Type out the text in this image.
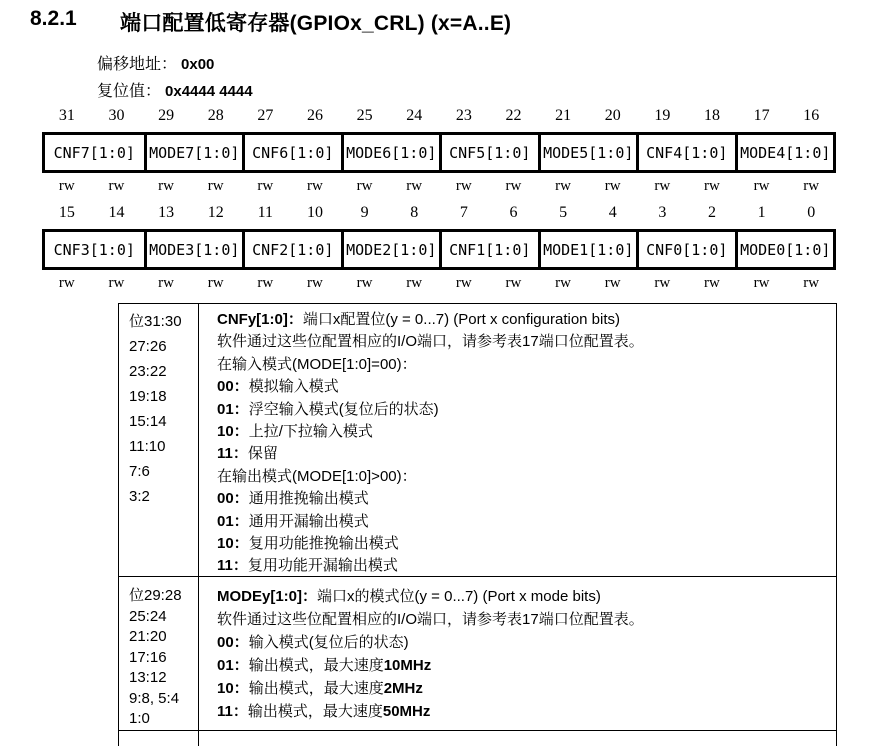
8.2.1 端口配置低寄存器(GPIOx_CRL) (x=A..E)
偏移地址： 0x00
复位值： 0x4444 4444
31	30	29	28	27	26	25	24	23	22	21	20	19	18	17	16
CNF7[1:0] MODE7[1:0] CNF6[1:0] MODE6[1:0] CNF5[1:0] MODE5[1:0] CNF4[1:0] MODE4[1:0]
rw	rw	rw	rw	rw	rw	rw	rw	rw	rw	rw	rw	rw	rw	rw	rw
15	14	13	12	11	10	9	8	7	6	5	4	3	2	1	0
CNF3[1:0] MODE3[1:0] CNF2[1:0] MODE2[1:0] CNF1[1:0] MODE1[1:0] CNF0[1:0] MODE0[1:0]
rw	rw	rw	rw	rw	rw	rw	rw	rw	rw	rw	rw	rw	rw	rw	rw
位31:30
27:26
23:22
19:18
15:14
11:10
7:6
3:2
CNFy[1:0]：端口x配置位(y = 0...7) (Port x configuration bits)
软件通过这些位配置相应的I/O端口，请参考表17端口位配置表。
在输入模式(MODE[1:0]=00)：
00：模拟输入模式
01：浮空输入模式(复位后的状态)
10：上拉/下拉输入模式
11：保留
在输出模式(MODE[1:0]>00)：
00：通用推挽输出模式
01：通用开漏输出模式
10：复用功能推挽输出模式
11：复用功能开漏输出模式
位29:28
25:24
21:20
17:16
13:12
9:8, 5:4
1:0
MODEy[1:0]：端口x的模式位(y = 0...7) (Port x mode bits)
软件通过这些位配置相应的I/O端口，请参考表17端口位配置表。
00：输入模式(复位后的状态)
01：输出模式，最大速度10MHz
10：输出模式，最大速度2MHz
11：输出模式，最大速度50MHz
